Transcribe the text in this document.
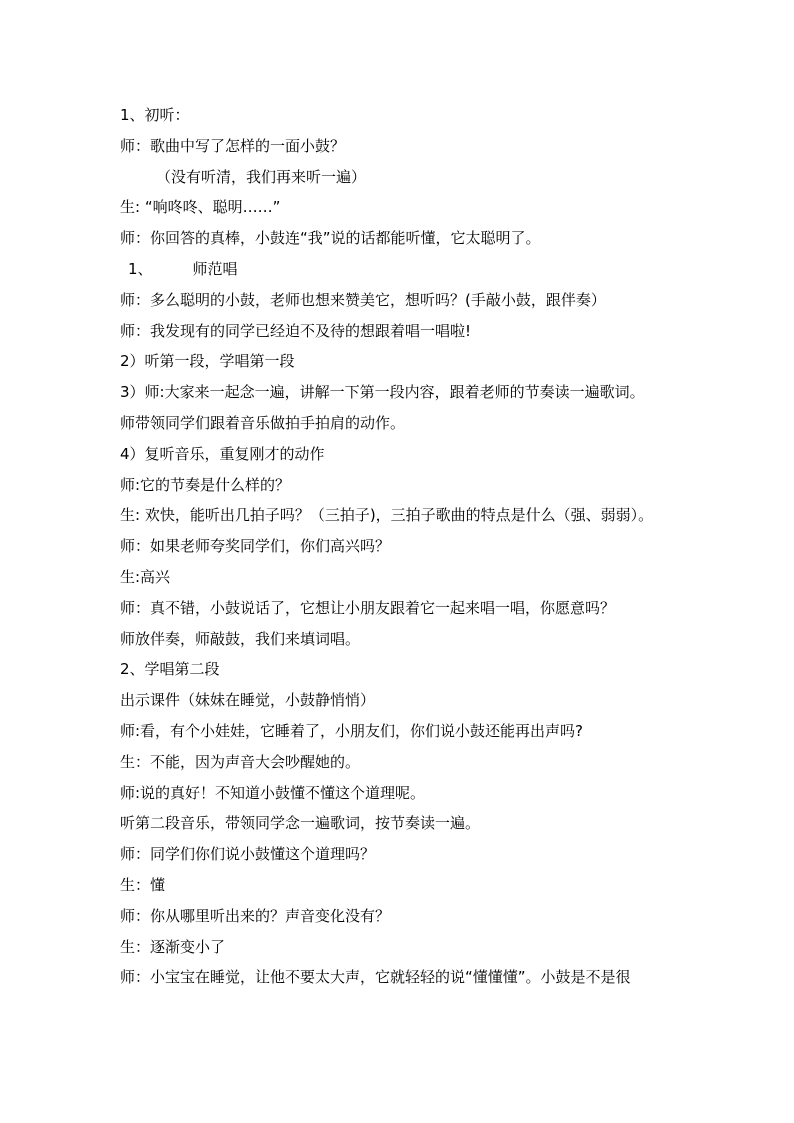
1、初听：
师：歌曲中写了怎样的一面小鼓？
（没有听清，我们再来听一遍）
生: “响咚咚、聪明……”
师：你回答的真棒，小鼓连“我”说的话都能听懂，它太聪明了。
1、	师范唱
师：多么聪明的小鼓，老师也想来赞美它，想听吗？(手敲小鼓，跟伴奏）
师：我发现有的同学已经迫不及待的想跟着唱一唱啦!
2）听第一段，学唱第一段
3）师:大家来一起念一遍，讲解一下第一段内容，跟着老师的节奏读一遍歌词。
师带领同学们跟着音乐做拍手拍肩的动作。
4）复听音乐，重复刚才的动作
师:它的节奏是什么样的？
生: 欢快，能听出几拍子吗？（三拍子)，三拍子歌曲的特点是什么（强、弱弱）。
师：如果老师夸奖同学们，你们高兴吗？
生:高兴
师：真不错，小鼓说话了，它想让小朋友跟着它一起来唱一唱，你愿意吗？
师放伴奏，师敲鼓，我们来填词唱。
2、学唱第二段
出示课件（妹妹在睡觉，小鼓静悄悄）
师:看，有个小娃娃，它睡着了，小朋友们，你们说小鼓还能再出声吗?
生：不能，因为声音大会吵醒她的。
师:说的真好！不知道小鼓懂不懂这个道理呢。
听第二段音乐，带领同学念一遍歌词，按节奏读一遍。
师：同学们你们说小鼓懂这个道理吗？
生：懂
师：你从哪里听出来的？声音变化没有？
生：逐渐变小了
师：小宝宝在睡觉，让他不要太大声，它就轻轻的说“懂懂懂”。小鼓是不是很
